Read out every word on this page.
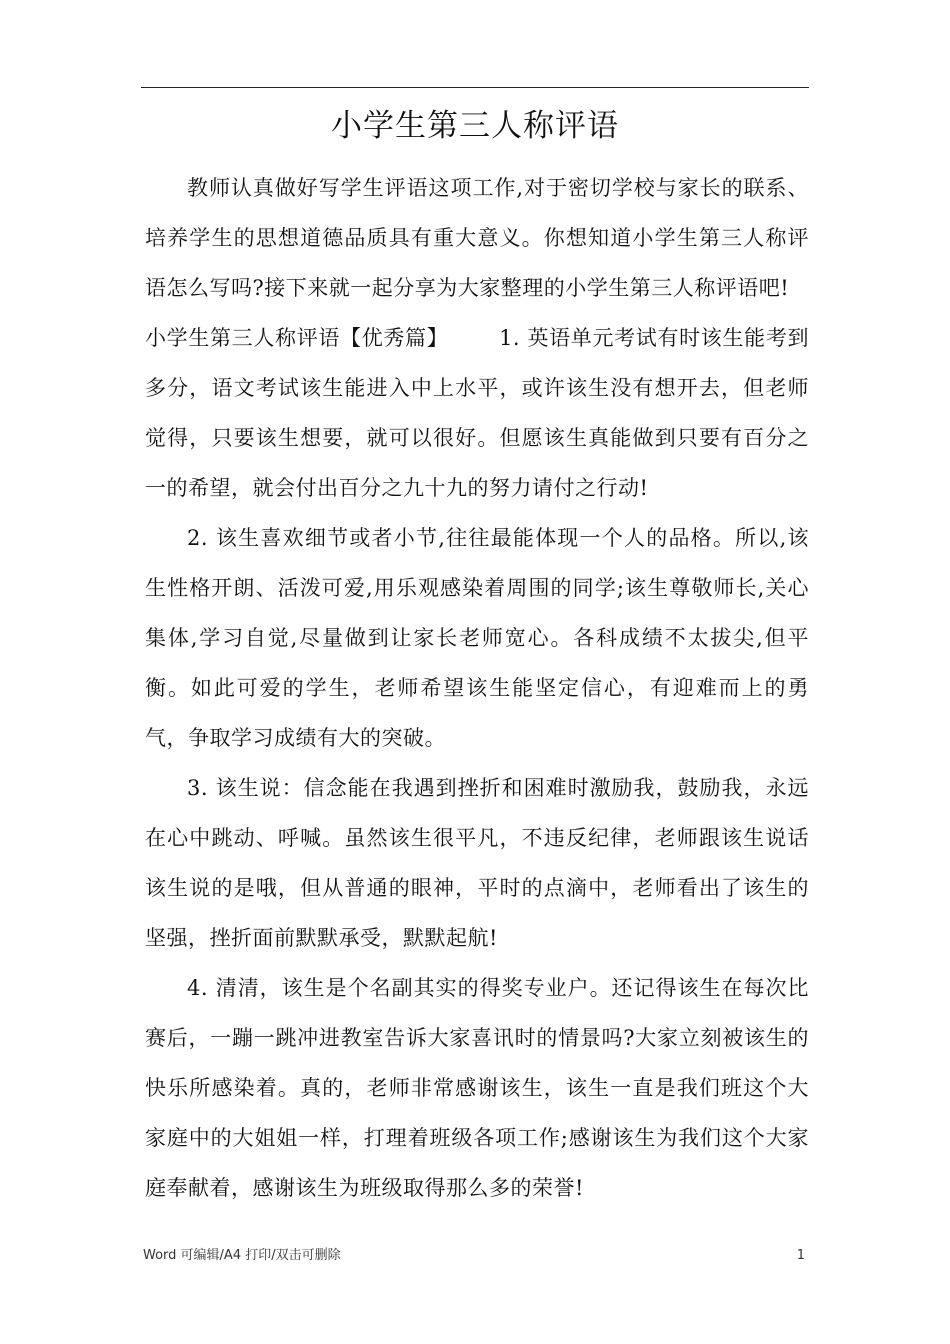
小学生第三人称评语

教师认真做好写学生评语这项工作,对于密切学校与家长的联系、培养学生的思想道德品质具有重大意义。你想知道小学生第三人称评语怎么写吗?接下来就一起分享为大家整理的小学生第三人称评语吧!

小学生第三人称评语【优秀篇】 　　1. 英语单元考试有时该生能考到多分，语文考试该生能进入中上水平，或许该生没有想开去，但老师觉得，只要该生想要，就可以很好。但愿该生真能做到只要有百分之一的希望，就会付出百分之九十九的努力请付之行动!

2. 该生喜欢细节或者小节,往往最能体现一个人的品格。所以,该生性格开朗、活泼可爱,用乐观感染着周围的同学;该生尊敬师长,关心集体,学习自觉,尽量做到让家长老师宽心。各科成绩不太拔尖,但平衡。如此可爱的学生，老师希望该生能坚定信心，有迎难而上的勇气，争取学习成绩有大的突破。

3. 该生说：信念能在我遇到挫折和困难时激励我，鼓励我，永远在心中跳动、呼喊。虽然该生很平凡，不违反纪律，老师跟该生说话该生说的是哦，但从普通的眼神，平时的点滴中，老师看出了该生的坚强，挫折面前默默承受，默默起航!

4. 清清，该生是个名副其实的得奖专业户。还记得该生在每次比赛后，一蹦一跳冲进教室告诉大家喜讯时的情景吗?大家立刻被该生的快乐所感染着。真的，老师非常感谢该生，该生一直是我们班这个大家庭中的大姐姐一样，打理着班级各项工作;感谢该生为我们这个大家庭奉献着，感谢该生为班级取得那么多的荣誉!

Word 可编辑/A4 打印/双击可删除	1
